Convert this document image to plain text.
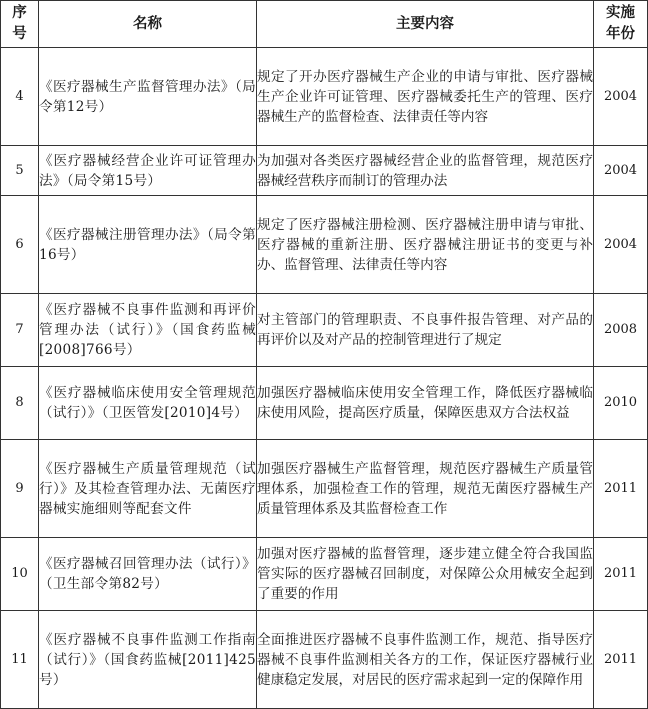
序
号	名称	主要内容	实施
年份

4	《医疗器械生产监督管理办法》（局令第12号）	规定了开办医疗器械生产企业的申请与审批、医疗器械生产企业许可证管理、医疗器械委托生产的管理、医疗器械生产的监督检查、法律责任等内容	2004
5	《医疗器械经营企业许可证管理办法》（局令第15号）	为加强对各类医疗器械经营企业的监督管理，规范医疗器械经营秩序而制订的管理办法	2004
6	《医疗器械注册管理办法》（局令第16号）	规定了医疗器械注册检测、医疗器械注册申请与审批、医疗器械的重新注册、医疗器械注册证书的变更与补办、监督管理、法律责任等内容	2004
7	《医疗器械不良事件监测和再评价管理办法（试行）》（国食药监械[2008]766号）	对主管部门的管理职责、不良事件报告管理、对产品的再评价以及对产品的控制管理进行了规定	2008
8	《医疗器械临床使用安全管理规范（试行）》（卫医管发[2010]4号）	加强医疗器械临床使用安全管理工作，降低医疗器械临床使用风险，提高医疗质量，保障医患双方合法权益	2010
9	《医疗器械生产质量管理规范（试行）》及其检查管理办法、无菌医疗器械实施细则等配套文件	加强医疗器械生产监督管理，规范医疗器械生产质量管理体系，加强检查工作的管理，规范无菌医疗器械生产质量管理体系及其监督检查工作	2011
10	《医疗器械召回管理办法（试行）》（卫生部令第82号）	加强对医疗器械的监督管理，逐步建立健全符合我国监管实际的医疗器械召回制度，对保障公众用械安全起到了重要的作用	2011
11	《医疗器械不良事件监测工作指南（试行）》（国食药监械[2011]425号）	全面推进医疗器械不良事件监测工作，规范、指导医疗器械不良事件监测相关各方的工作，保证医疗器械行业健康稳定发展，对居民的医疗需求起到一定的保障作用	2011
